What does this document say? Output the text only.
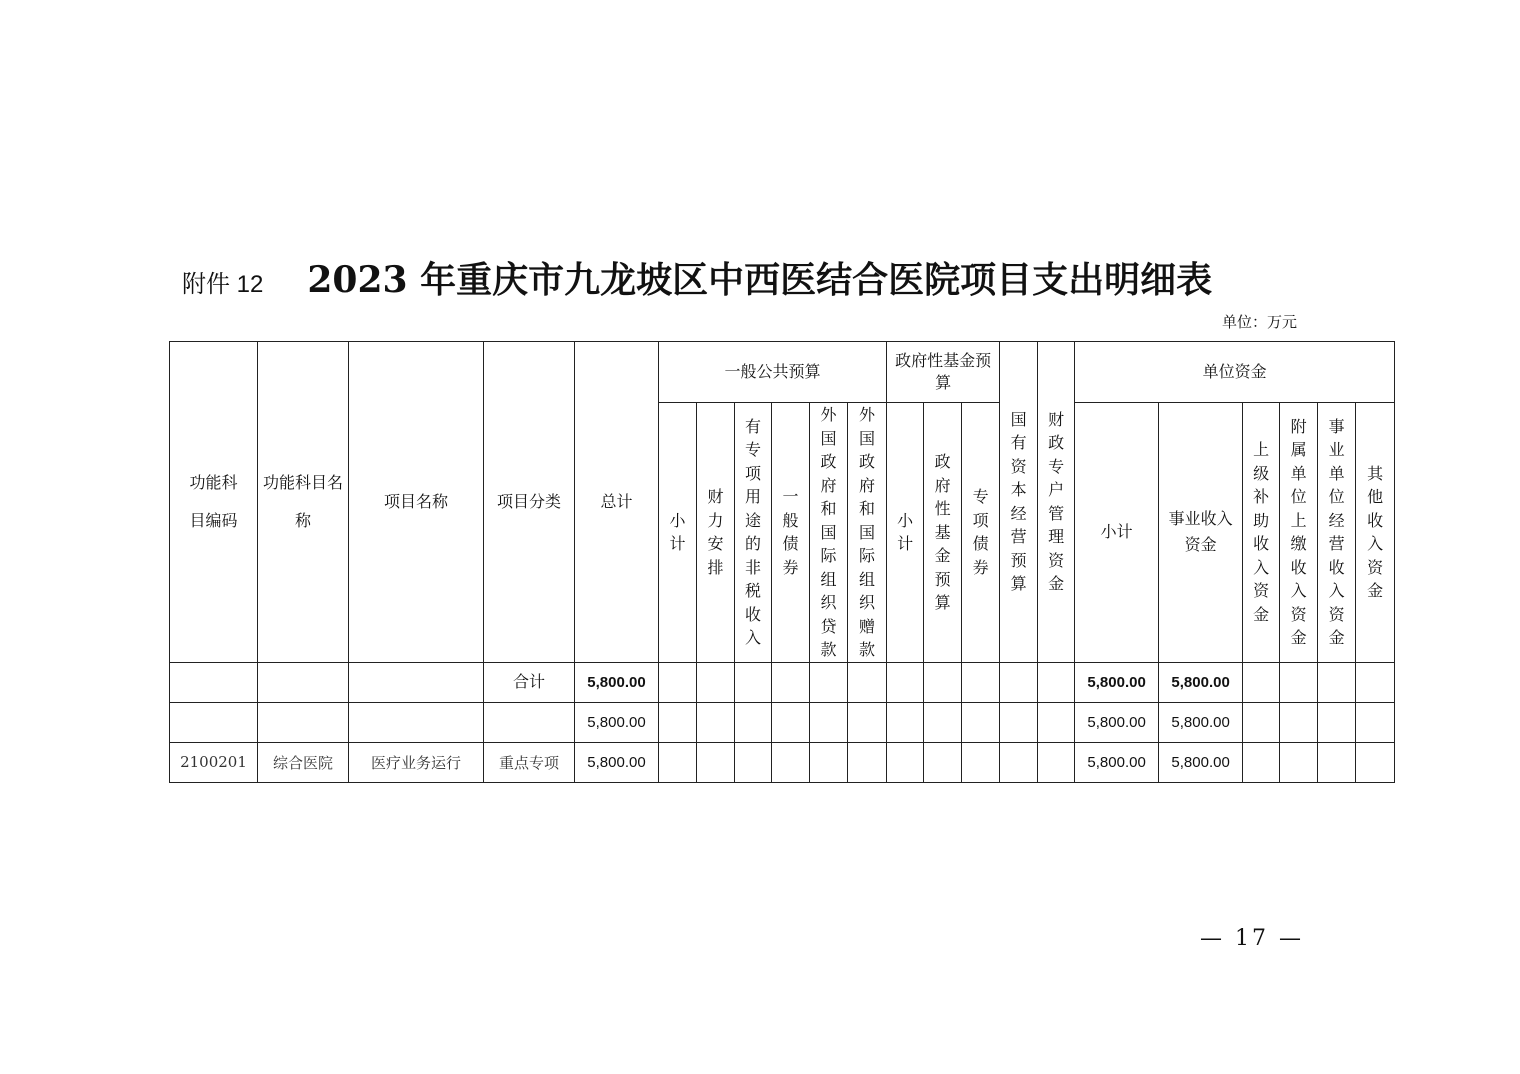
附件 12 2023 年重庆市九龙坡区中西医结合医院项目支出明细表
单位：万元
功能科目编码	功能科目名称	项目名称	项目分类	总计	一般公共预算						政府性基金预算			国有资本经营预算	财政专户管理资金	单位资金					

					小计	财力安排	有专项用途的非税收入	一般债券	外国政府和国际组织贷款	外国政府和国际组织赠款	小计	政府性基金预算	专项债券			小计	事业收入资金	上级补助收入资金	附属单位上缴收入资金	事业单位经营收入资金	其他收入资金

			合计	5,800.00												5,800.00	5,800.00				
				5,800.00												5,800.00	5,800.00				
2100201	综合医院	医疗业务运行	重点专项	5,800.00												5,800.00	5,800.00				
— 17 —
